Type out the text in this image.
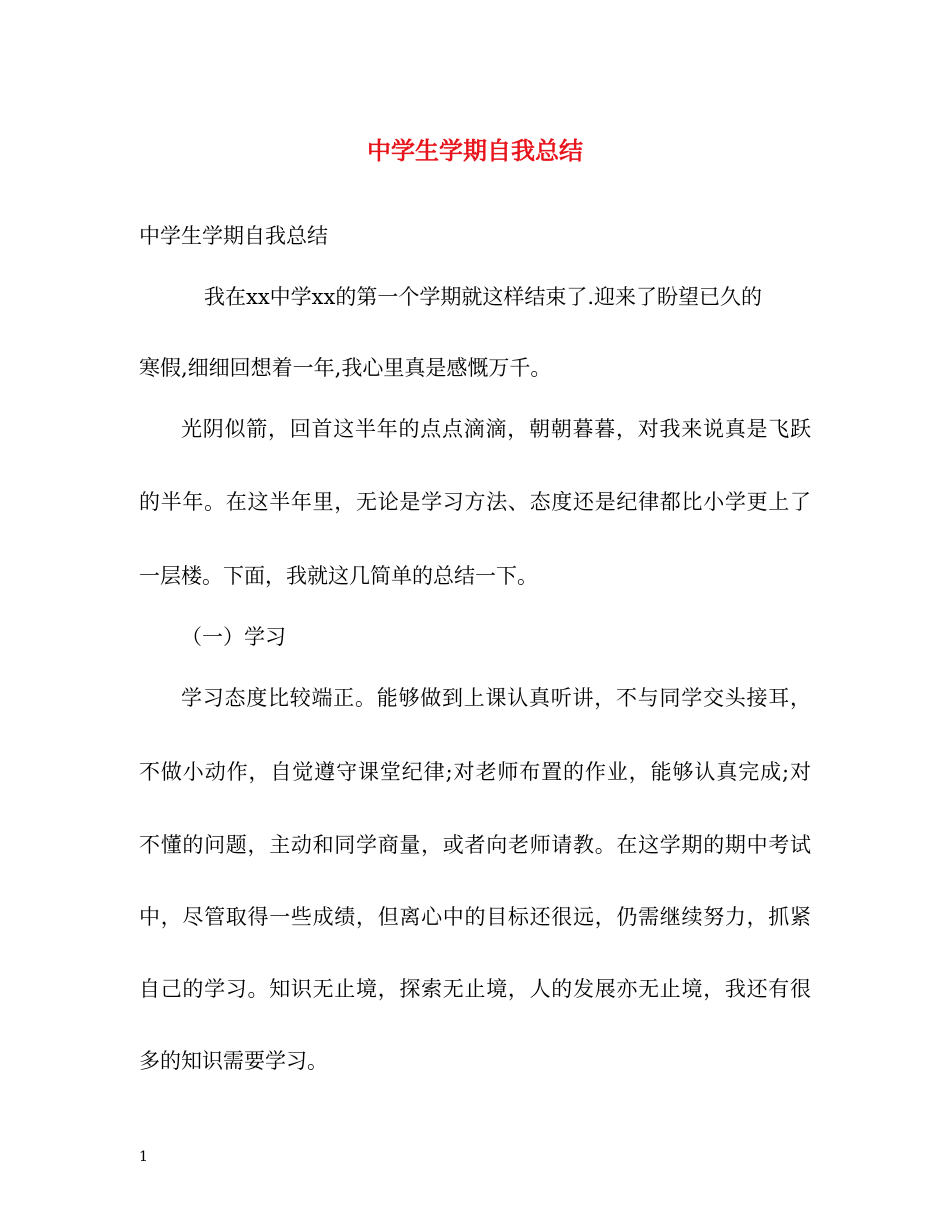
中学生学期自我总结

中学生学期自我总结

我在xx中学xx的第一个学期就这样结束了.迎来了盼望已久的

寒假,细细回想着一年,我心里真是感慨万千。

光阴似箭，回首这半年的点点滴滴，朝朝暮暮，对我来说真是飞跃

的半年。在这半年里，无论是学习方法、态度还是纪律都比小学更上了

一层楼。下面，我就这几简单的总结一下。

（一）学习

学习态度比较端正。能够做到上课认真听讲，不与同学交头接耳，

不做小动作，自觉遵守课堂纪律;对老师布置的作业，能够认真完成;对

不懂的问题，主动和同学商量，或者向老师请教。在这学期的期中考试

中，尽管取得一些成绩，但离心中的目标还很远，仍需继续努力，抓紧

自己的学习。知识无止境，探索无止境，人的发展亦无止境，我还有很

多的知识需要学习。

1
